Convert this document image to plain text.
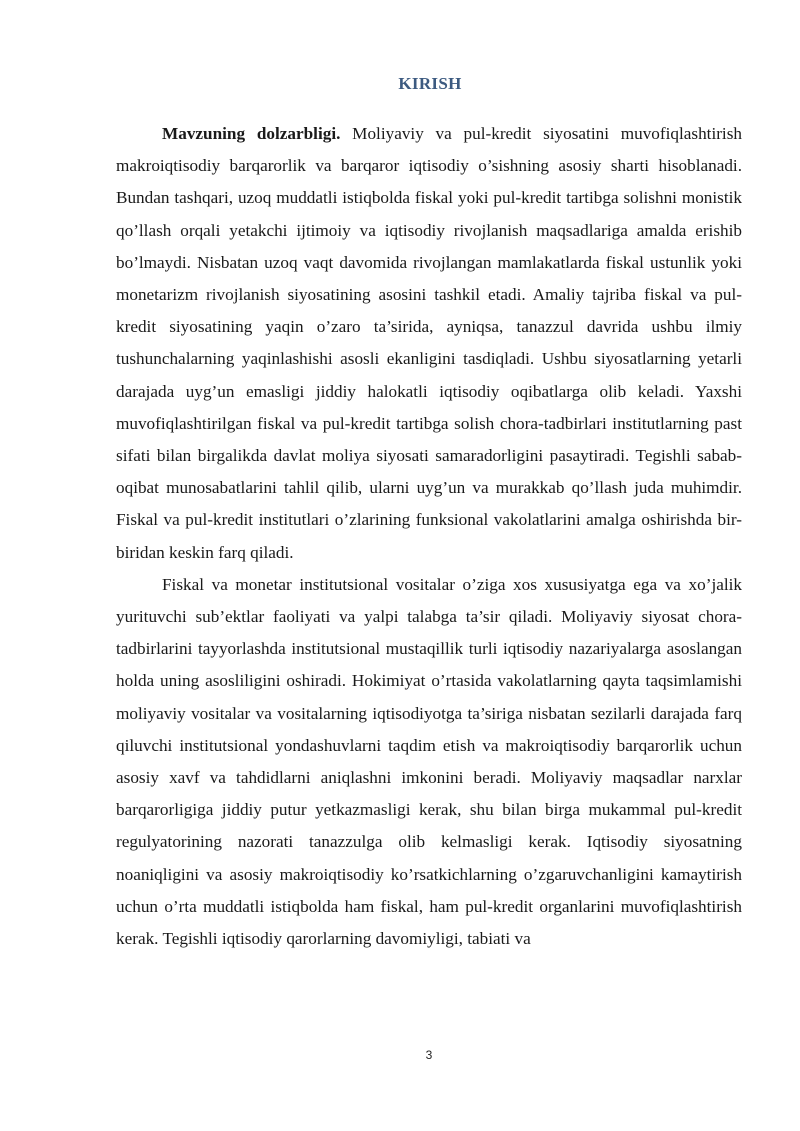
KIRISH

Mavzuning dolzarbligi. Moliyaviy va pul-kredit siyosatini muvofiqlashtirish makroiqtisodiy barqarorlik va barqaror iqtisodiy o’sishning asosiy sharti hisoblanadi. Bundan tashqari, uzoq muddatli istiqbolda fiskal yoki pul-kredit tartibga solishni monistik qo’llash orqali yetakchi ijtimoiy va iqtisodiy rivojlanish maqsadlariga amalda erishib bo’lmaydi. Nisbatan uzoq vaqt davomida rivojlangan mamlakatlarda fiskal ustunlik yoki monetarizm rivojlanish siyosatining asosini tashkil etadi. Amaliy tajriba fiskal va pul-kredit siyosatining yaqin o’zaro ta’sirida, ayniqsa, tanazzul davrida ushbu ilmiy tushunchalarning yaqinlashishi asosli ekanligini tasdiqladi. Ushbu siyosatlarning yetarli darajada uyg’un emasligi jiddiy halokatli iqtisodiy oqibatlarga olib keladi. Yaxshi muvofiqlashtirilgan fiskal va pul-kredit tartibga solish chora-tadbirlari institutlarning past sifati bilan birgalikda davlat moliya siyosati samaradorligini pasaytiradi. Tegishli sabab-oqibat munosabatlarini tahlil qilib, ularni uyg’un va murakkab qo’llash juda muhimdir. Fiskal va pul-kredit institutlari o’zlarining funksional vakolatlarini amalga oshirishda bir-biridan keskin farq qiladi.

Fiskal va monetar institutsional vositalar o’ziga xos xususiyatga ega va xo’jalik yurituvchi sub’ektlar faoliyati va yalpi talabga ta’sir qiladi. Moliyaviy siyosat chora-tadbirlarini tayyorlashda institutsional mustaqillik turli iqtisodiy nazariyalarga asoslangan holda uning asosliligini oshiradi. Hokimiyat o’rtasida vakolatlarning qayta taqsimlamishi moliyaviy vositalar va vositalarning iqtisodiyotga ta’siriga nisbatan sezilarli darajada farq qiluvchi institutsional yondashuvlarni taqdim etish va makroiqtisodiy barqarorlik uchun asosiy xavf va tahdidlarni aniqlashni imkonini beradi. Moliyaviy maqsadlar narxlar barqarorligiga jiddiy putur yetkazmasligi kerak, shu bilan birga mukammal pul-kredit regulyatorining nazorati tanazzulga olib kelmasligi kerak. Iqtisodiy siyosatning noaniqligini va asosiy makroiqtisodiy ko’rsatkichlarning o’zgaruvchanligini kamaytirish uchun o’rta muddatli istiqbolda ham fiskal, ham pul-kredit organlarini muvofiqlashtirish kerak. Tegishli iqtisodiy qarorlarning davomiyligi, tabiati va

3
